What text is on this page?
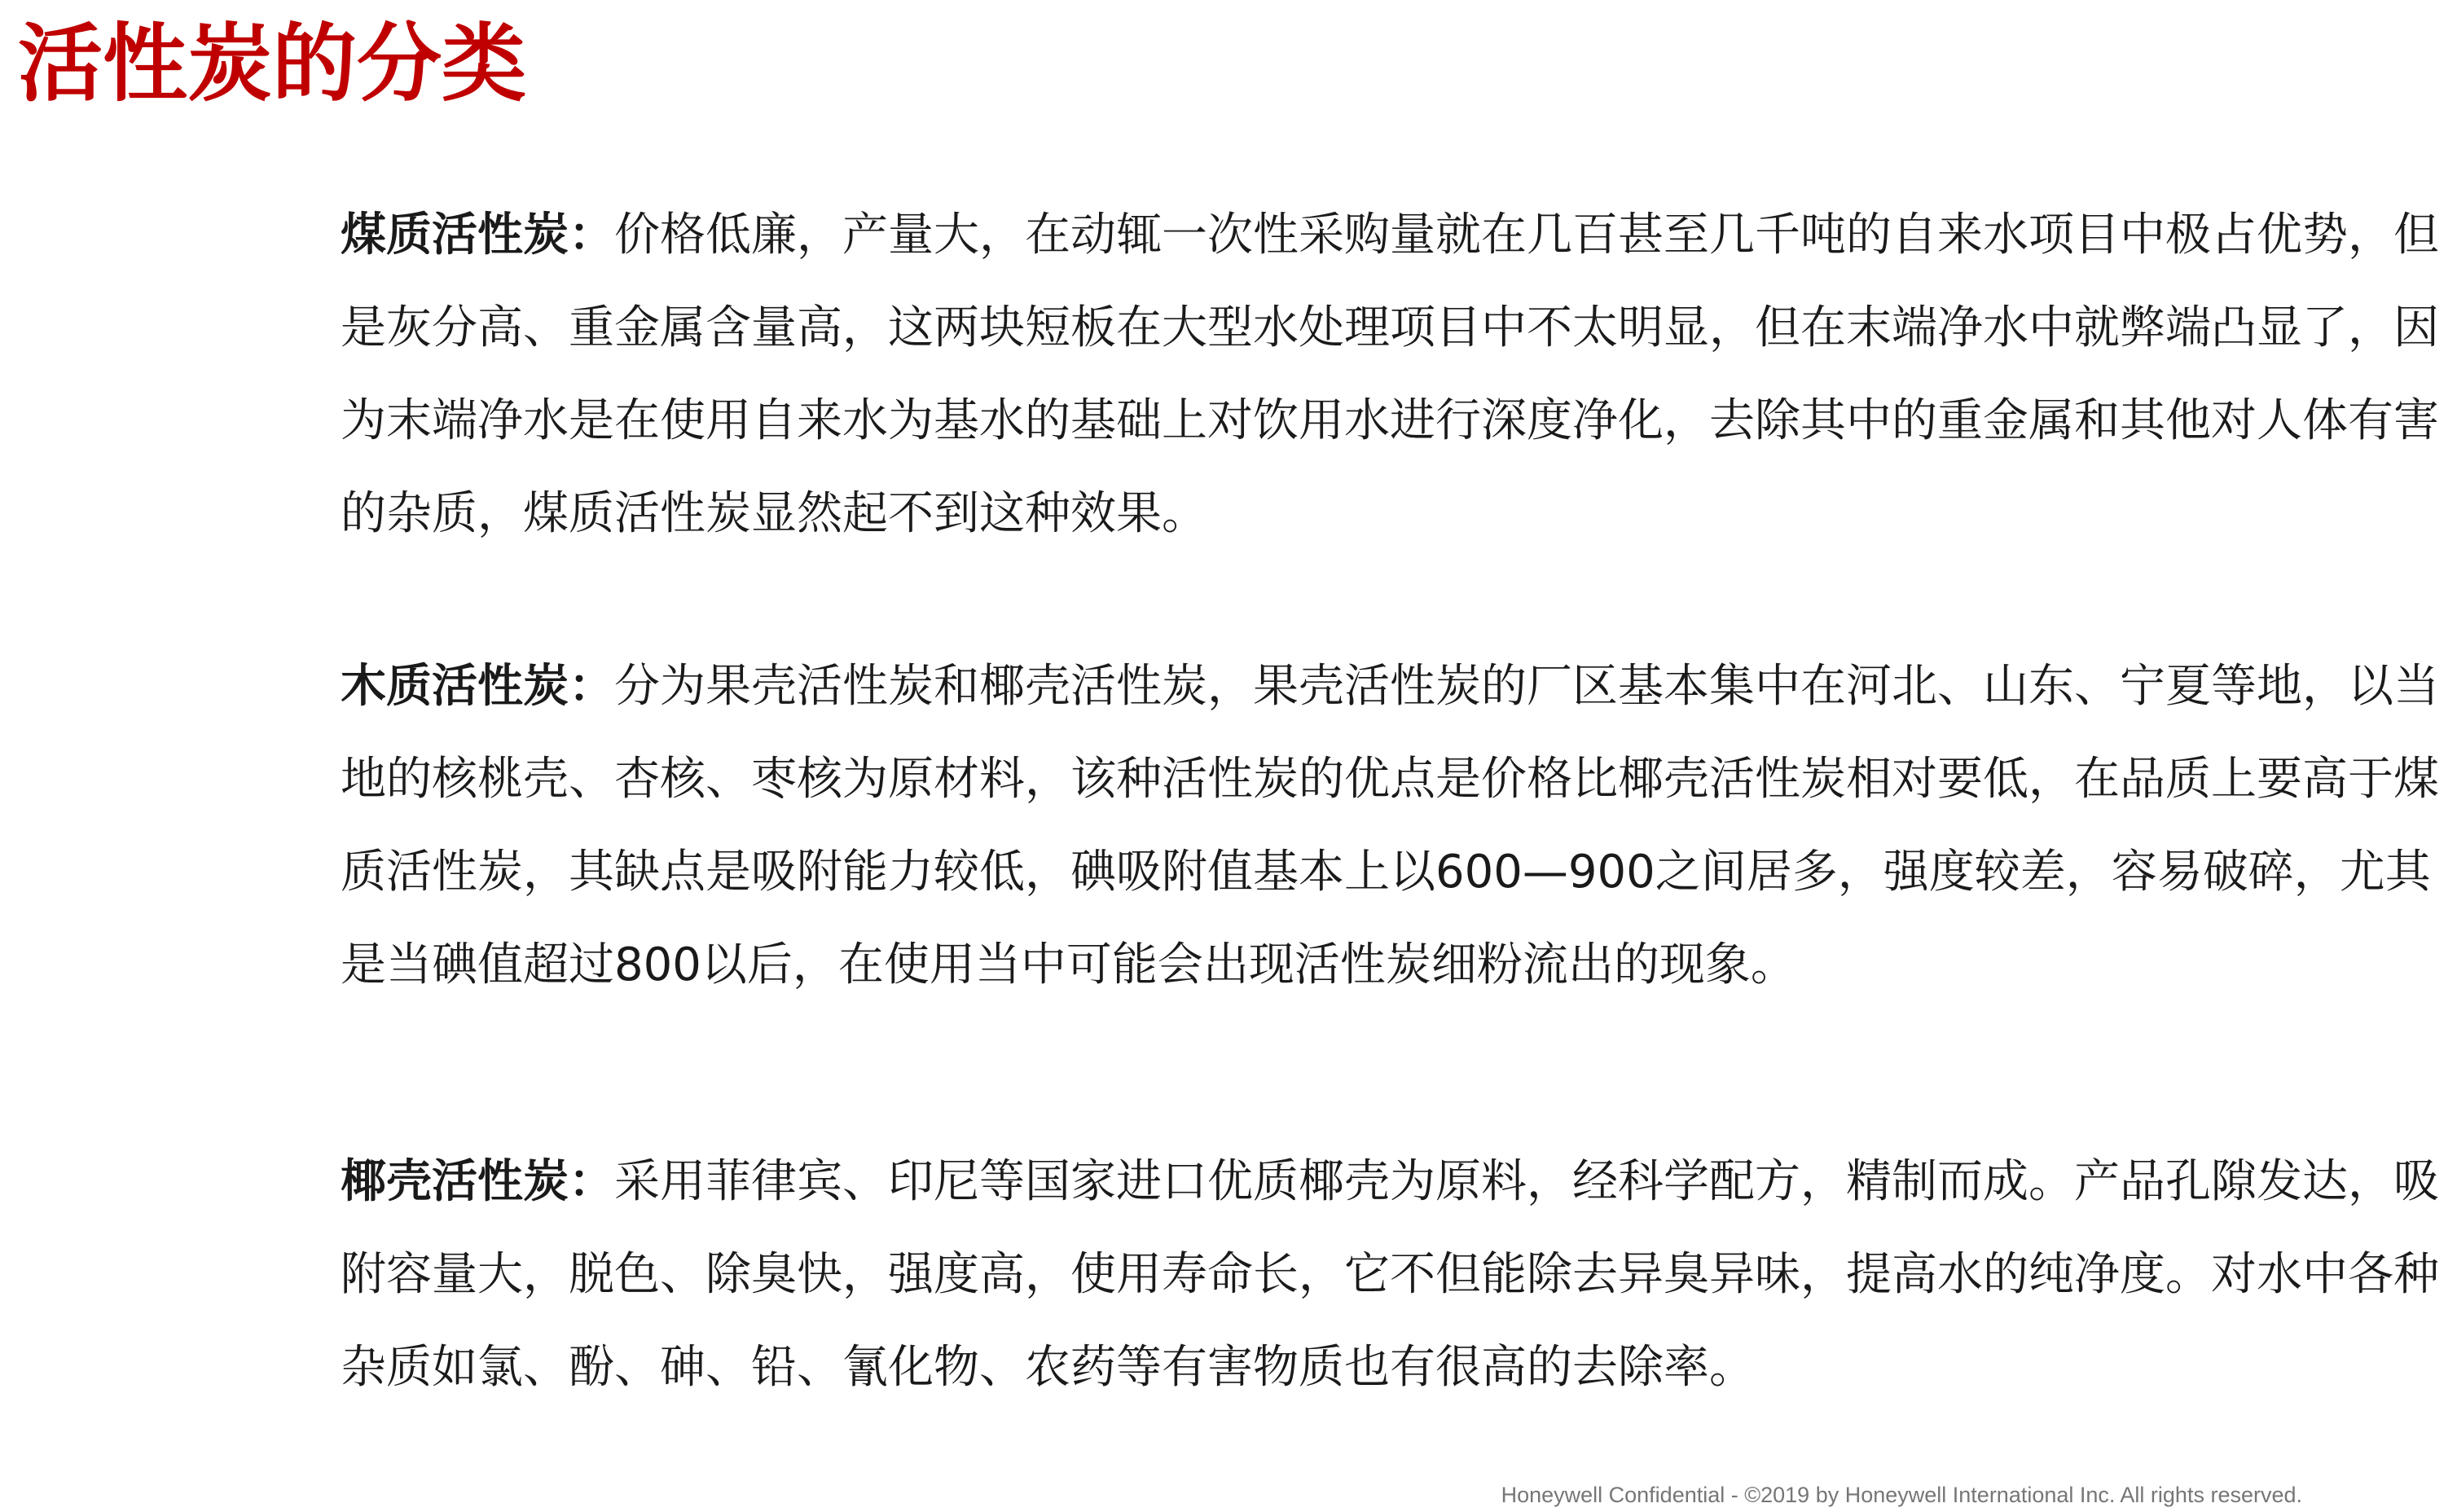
活性炭的分类

煤质活性炭：价格低廉，产量大，在动辄一次性采购量就在几百甚至几千吨的自来水项目中极占优势，但是灰分高、重金属含量高，这两块短板在大型水处理项目中不太明显，但在末端净水中就弊端凸显了，因为末端净水是在使用自来水为基水的基础上对饮用水进行深度净化，去除其中的重金属和其他对人体有害的杂质，煤质活性炭显然起不到这种效果。

木质活性炭：分为果壳活性炭和椰壳活性炭，果壳活性炭的厂区基本集中在河北、山东、宁夏等地，以当地的核桃壳、杏核、枣核为原材料，该种活性炭的优点是价格比椰壳活性炭相对要低，在品质上要高于煤质活性炭，其缺点是吸附能力较低，碘吸附值基本上以600—900之间居多，强度较差，容易破碎，尤其是当碘值超过800以后，在使用当中可能会出现活性炭细粉流出的现象。

椰壳活性炭：采用菲律宾、印尼等国家进口优质椰壳为原料，经科学配方，精制而成。产品孔隙发达，吸附容量大，脱色、除臭快，强度高，使用寿命长，它不但能除去异臭异味，提高水的纯净度。对水中各种杂质如氯、酚、砷、铅、氰化物、农药等有害物质也有很高的去除率。

Honeywell Confidential - ©2019 by Honeywell International Inc. All rights reserved.
